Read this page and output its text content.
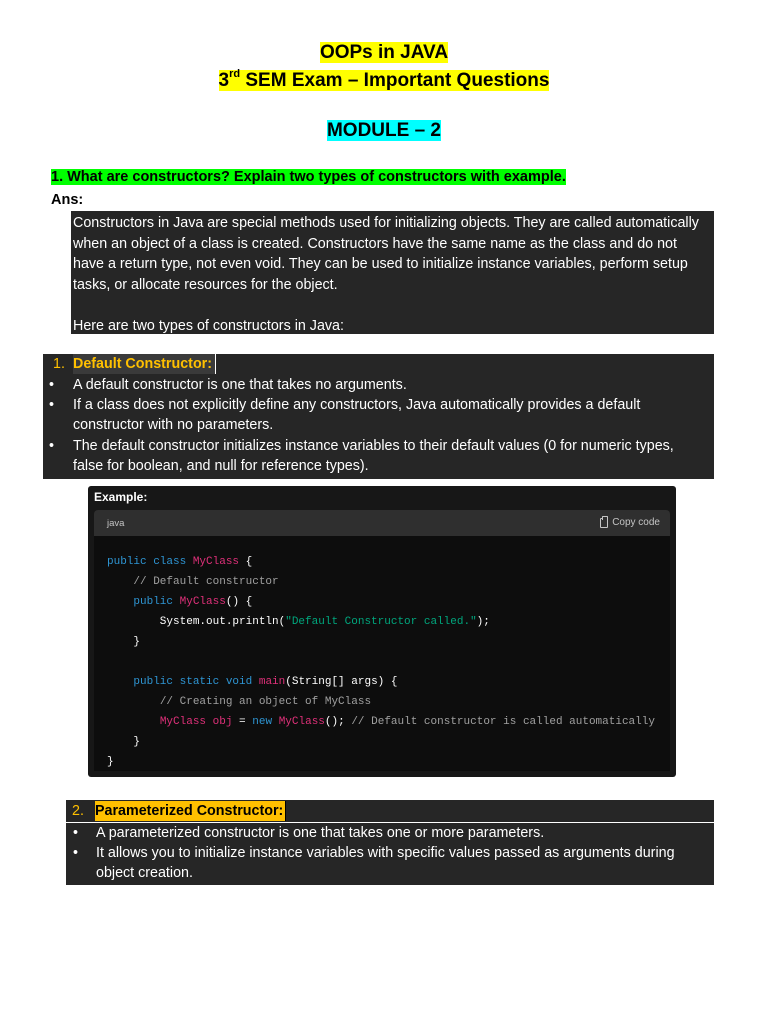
OOPs in JAVA
3rd SEM Exam – Important Questions
MODULE – 2
1. What are constructors? Explain two types of constructors with example.
Ans:

Constructors in Java are special methods used for initializing objects. They are called automatically when an object of a class is created. Constructors have the same name as the class and do not have a return type, not even void. They can be used to initialize instance variables, perform setup tasks, or allocate resources for the object.

Here are two types of constructors in Java:

1. Default Constructor:
• A default constructor is one that takes no arguments.
• If a class does not explicitly define any constructors, Java automatically provides a default constructor with no parameters.
• The default constructor initializes instance variables to their default values (0 for numeric types, false for boolean, and null for reference types).
Example:
java	Copy code
public class MyClass {
// Default constructor
public MyClass() {
System.out.println("Default Constructor called.");
}

public static void main(String[] args) {
// Creating an object of MyClass
MyClass obj = new MyClass(); // Default constructor is called automatically
}
}
2. Parameterized Constructor:
• A parameterized constructor is one that takes one or more parameters.
• It allows you to initialize instance variables with specific values passed as arguments during object creation.
